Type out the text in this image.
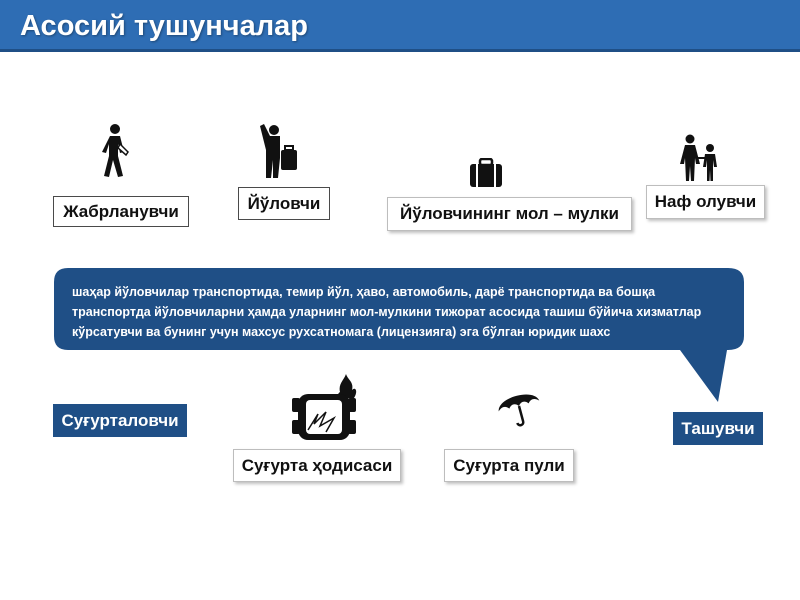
Асосий тушунчалар
Жабрланувчи	Йўловчи
Йўловчининг мол – мулки
Наф олувчи
шаҳар йўловчилар транспортида, темир йўл, ҳаво, автомобиль, дарё транспортида ва бошқа транспортда йўловчиларни ҳамда уларнинг мол-мулкини тижорат асосида ташиш бўйича хизматлар кўрсатувчи ва бунинг учун махсус рухсатномага (лицензияга) эга бўлган юридик шахс
Суғурталовчи
Суғурта ҳодисаси	Суғурта пули
Ташувчи
